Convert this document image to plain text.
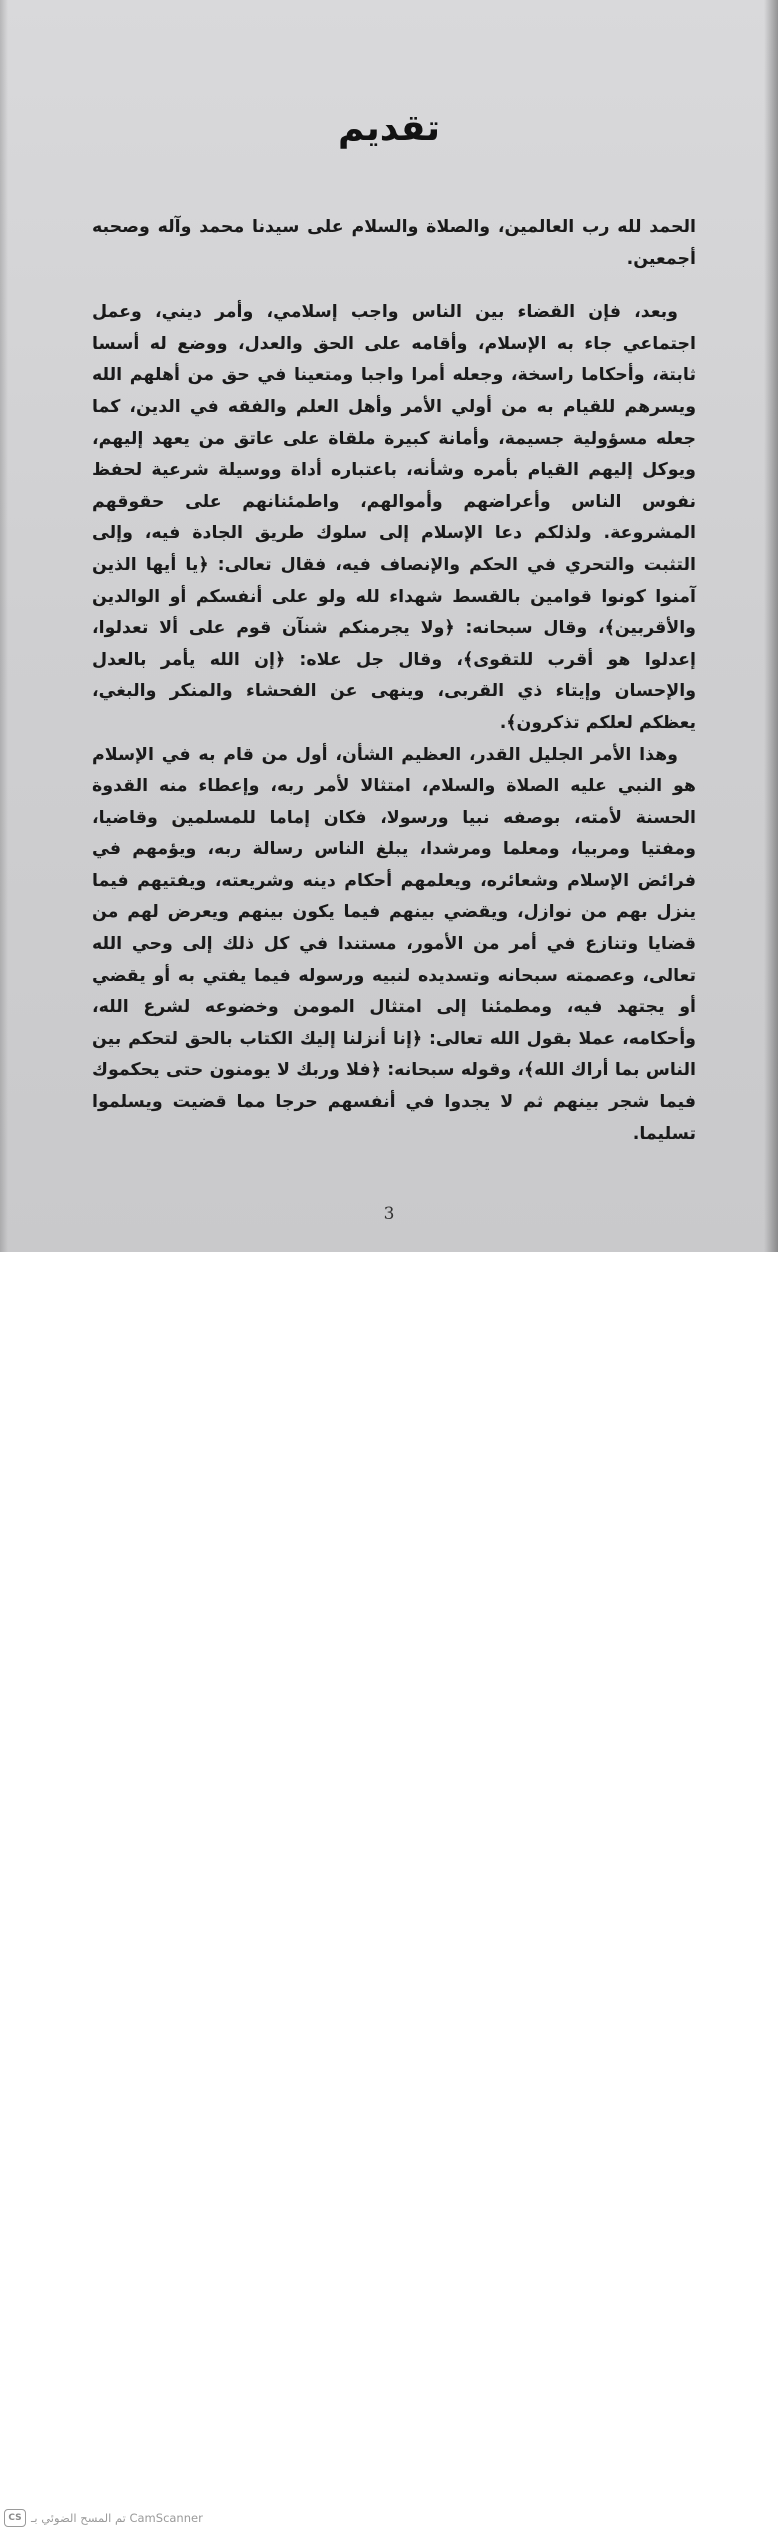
تقديم

الحمد لله رب العالمين، والصلاة والسلام على سيدنا محمد وآله وصحبه أجمعين.

وبعد، فإن القضاء بين الناس واجب إسلامي، وأمر ديني، وعمل اجتماعي جاء به الإسلام، وأقامه على الحق والعدل، ووضع له أسسا ثابتة، وأحكاما راسخة، وجعله أمرا واجبا ومتعينا في حق من أهلهم الله ويسرهم للقيام به من أولي الأمر وأهل العلم والفقه في الدين، كما جعله مسؤولية جسيمة، وأمانة كبيرة ملقاة على عاتق من يعهد إليهم، ويوكل إليهم القيام بأمره وشأنه، باعتباره أداة ووسيلة شرعية لحفظ نفوس الناس وأعراضهم وأموالهم، واطمئنانهم على حقوقهم المشروعة. ولذلكم دعا الإسلام إلى سلوك طريق الجادة فيه، وإلى التثبت والتحري في الحكم والإنصاف فيه، فقال تعالى: ﴿يا أيها الذين آمنوا كونوا قوامين بالقسط شهداء لله ولو على أنفسكم أو الوالدين والأقربين﴾، وقال سبحانه: ﴿ولا يجرمنكم شنآن قوم على ألا تعدلوا، إعدلوا هو أقرب للتقوى﴾، وقال جل علاه: ﴿إن الله يأمر بالعدل والإحسان وإيتاء ذي القربى، وينهى عن الفحشاء والمنكر والبغي، يعظكم لعلكم تذكرون﴾.

وهذا الأمر الجليل القدر، العظيم الشأن، أول من قام به في الإسلام هو النبي عليه الصلاة والسلام، امتثالا لأمر ربه، وإعطاء منه القدوة الحسنة لأمته، بوصفه نبيا ورسولا، فكان إماما للمسلمين وقاضيا، ومفتيا ومربيا، ومعلما ومرشدا، يبلغ الناس رسالة ربه، ويؤمهم في فرائض الإسلام وشعائره، ويعلمهم أحكام دينه وشريعته، ويفتيهم فيما ينزل بهم من نوازل، ويقضي بينهم فيما يكون بينهم ويعرض لهم من قضايا وتنازع في أمر من الأمور، مستندا في كل ذلك إلى وحي الله تعالى، وعصمته سبحانه وتسديده لنبيه ورسوله فيما يفتي به أو يقضي أو يجتهد فيه، ومطمئنا إلى امتثال المومن وخضوعه لشرع الله، وأحكامه، عملا بقول الله تعالى: ﴿إنا أنزلنا إليك الكتاب بالحق لتحكم بين الناس بما أراك الله﴾، وقوله سبحانه: ﴿فلا وربك لا يومنون حتى يحكموك فيما شجر بينهم ثم لا يجدوا في أنفسهم حرجا مما قضيت ويسلموا تسليما.

3
CS تم المسح الضوئي بـ CamScanner
